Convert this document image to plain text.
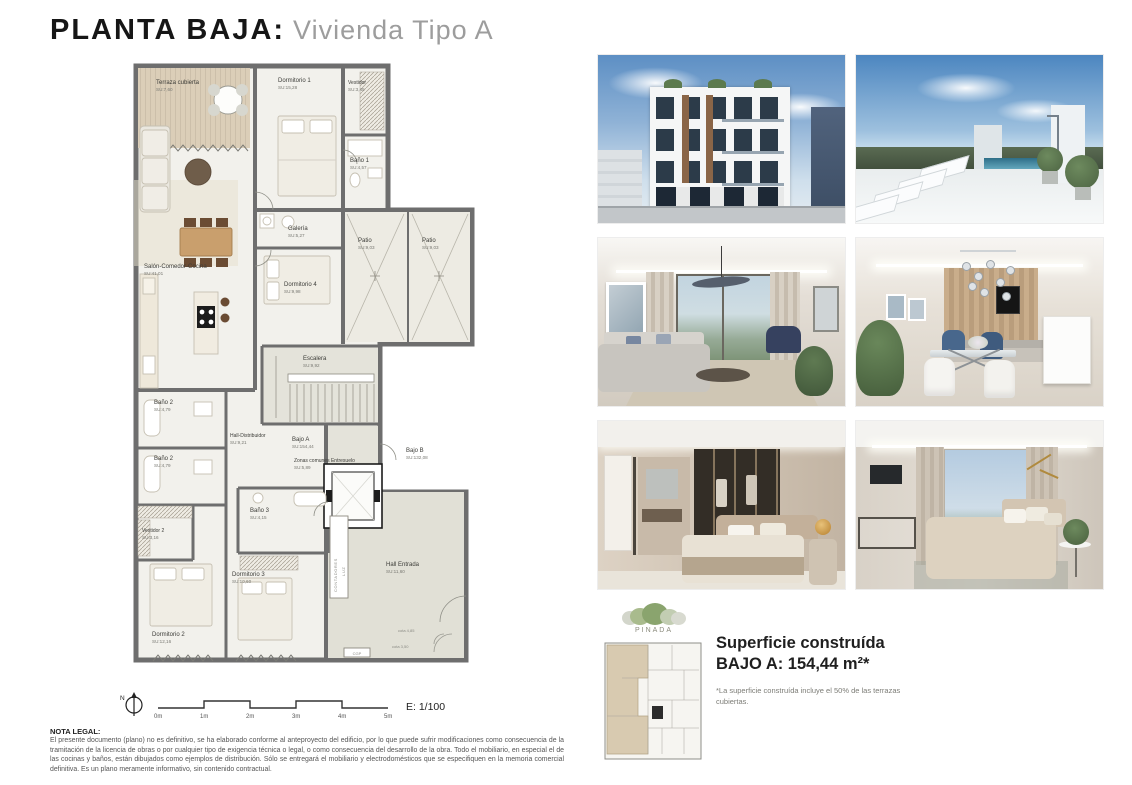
PLANTA BAJA: Vivienda Tipo A
CONTADORES LUZ
CGP
cota 4,85
cota 3,50
Terraza cubierta
SU:7,60
Dormitorio 1
SU:15,28
Vestidor
SU:3,45
Baño 1
SU:4,57
Galería
SU:5,27
Salón-Comedor-Cocina
SU:41,01
Dormitorio 4
SU:9,98
Patio
SU:9,03
Patio
SU:9,03
Escalera
SU:9,92
Baño 2
SU:4,79
Baño 2
SU:4,79
Hall-Distribuidor
SU:9,21	Bajo A
SU:154,44
Zonas comunes Entresuelo
SU:5,89
Bajo B
SU:132,08
Vestidor 2
SU:3,16
Baño 3
SU:4,15
Dormitorio 3
SU:10,60
Dormitorio 2
SU:12,16
Hall Entrada
SU:11,60
N
0m	1m	2m	3m	4m	5m
E: 1/100
NOTA LEGAL:
El presente documento (plano) no es definitivo, se ha elaborado conforme al anteproyecto del edificio, por lo que puede sufrir modificaciones como consecuencia de la tramitación de la licencia de obras o por cualquier tipo de exigencia técnica o legal, o como consecuencia del desarrollo de la obra. Todo el mobiliario, en especial el de las cocinas y baños, están dibujados como ejemplos de distribución. Sólo se entregará el mobiliario y electrodomésticos que se especifiquen en la memoria comercial definitiva. Es un plano meramente informativo, sin contenido contractual.
PINADA
Superficie construída
BAJO A: 154,44 m²*
*La superficie construída incluye el 50% de las terrazas cubiertas.
